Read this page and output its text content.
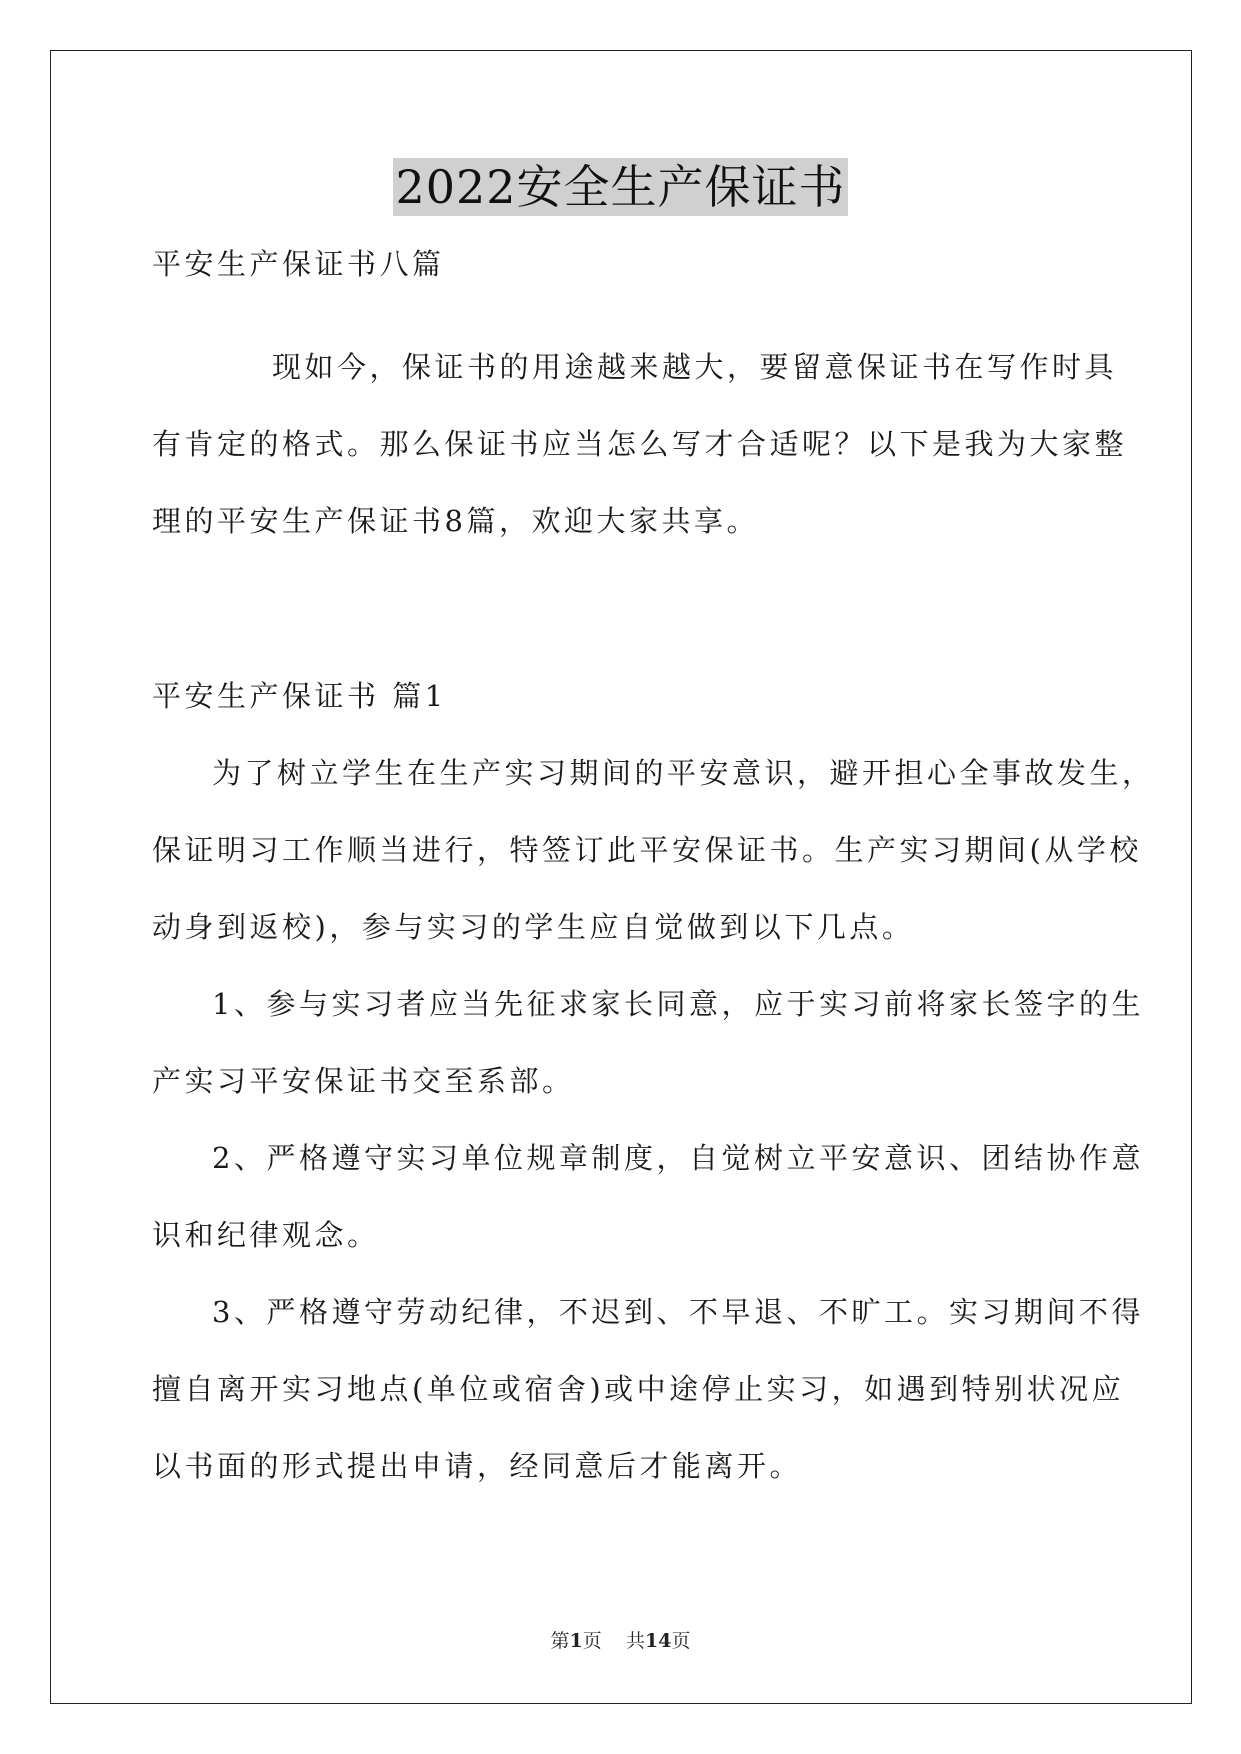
2022安全生产保证书
平安生产保证书八篇
现如今，保证书的用途越来越大，要留意保证书在写作时具
有肯定的格式。那么保证书应当怎么写才合适呢？以下是我为大家整
理的平安生产保证书8篇，欢迎大家共享。
平安生产保证书 篇1
为了树立学生在生产实习期间的平安意识，避开担心全事故发生，
保证明习工作顺当进行，特签订此平安保证书。生产实习期间(从学校
动身到返校)，参与实习的学生应自觉做到以下几点。
1、参与实习者应当先征求家长同意，应于实习前将家长签字的生
产实习平安保证书交至系部。
2、严格遵守实习单位规章制度，自觉树立平安意识、团结协作意
识和纪律观念。
3、严格遵守劳动纪律，不迟到、不早退、不旷工。实习期间不得
擅自离开实习地点(单位或宿舍)或中途停止实习，如遇到特别状况应
以书面的形式提出申请，经同意后才能离开。
第1页 共14页
